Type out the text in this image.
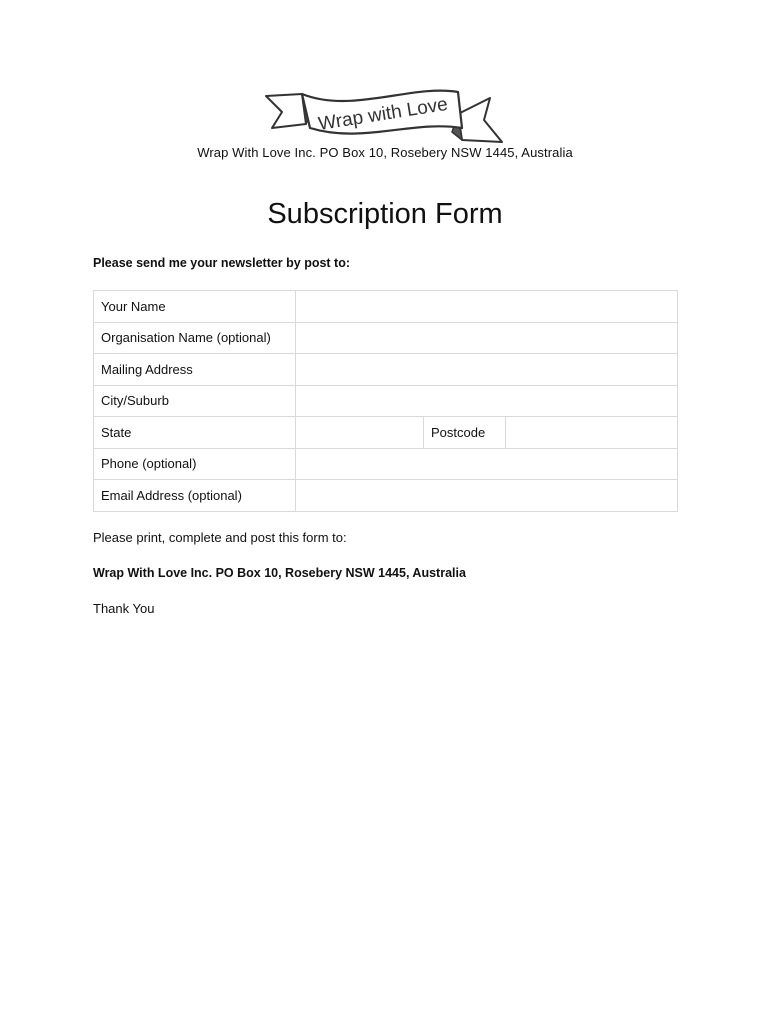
Wrap with Love
Wrap With Love Inc. PO Box 10, Rosebery NSW 1445, Australia
Subscription Form
Please send me your newsletter by post to:
Your Name	
Organisation Name (optional)	
Mailing Address	
City/Suburb	
State		Postcode	
Phone (optional)	
Email Address (optional)	
Please print, complete and post this form to:
Wrap With Love Inc. PO Box 10, Rosebery NSW 1445, Australia
Thank You
